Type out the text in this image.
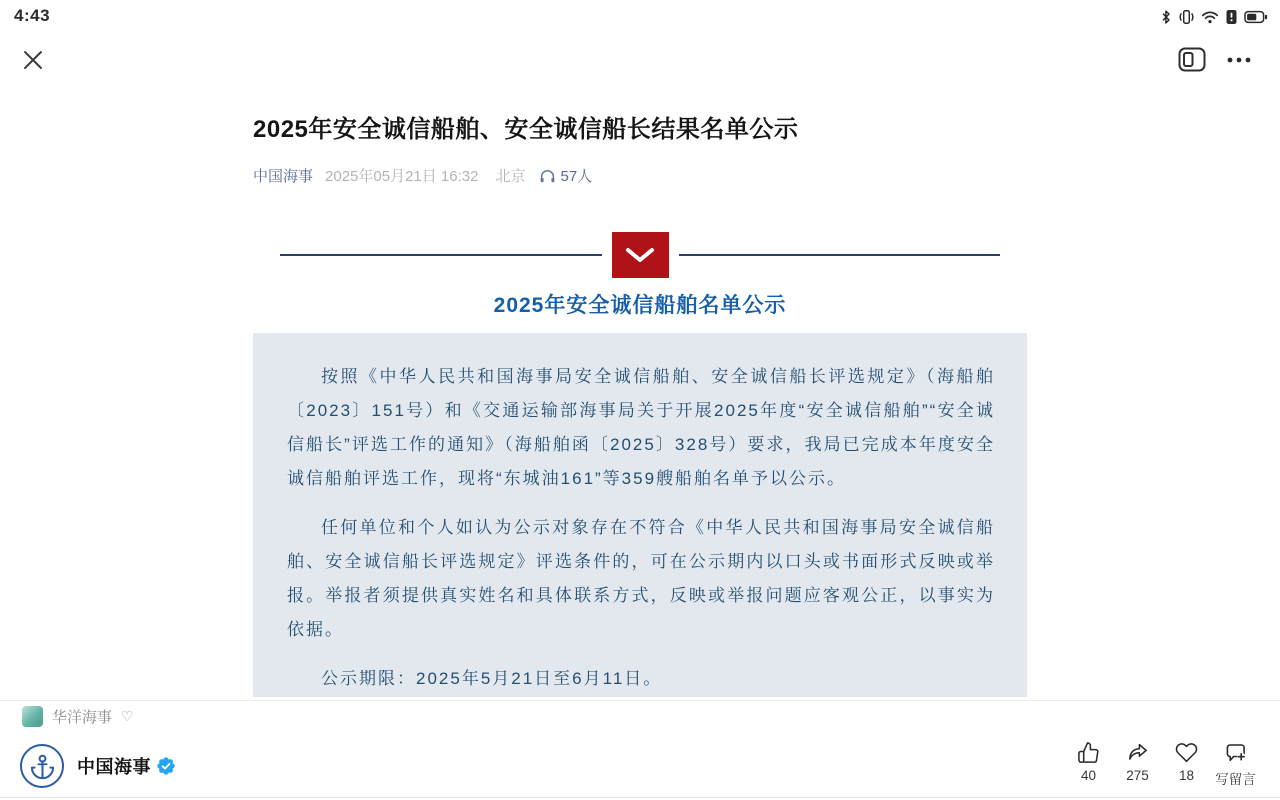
4:43
2025年安全诚信船舶、安全诚信船长结果名单公示
中国海事 2025年05月21日 16:32 北京 57人
2025年安全诚信船舶名单公示

按照《中华人民共和国海事局安全诚信船舶、安全诚信船长评选规定》（海船舶〔2023〕151号）和《交通运输部海事局关于开展2025年度“安全诚信船舶”“安全诚信船长”评选工作的通知》（海船舶函〔2025〕328号）要求，我局已完成本年度安全诚信船舶评选工作，现将“东城油161”等359艘船舶名单予以公示。

任何单位和个人如认为公示对象存在不符合《中华人民共和国海事局安全诚信船舶、安全诚信船长评选规定》评选条件的，可在公示期内以口头或书面形式反映或举报。举报者须提供真实姓名和具体联系方式，反映或举报问题应客观公正，以事实为依据。

公示期限：2025年5月21日至6月11日。

华洋海事 ♡
中国海事	40 275 18 写留言
